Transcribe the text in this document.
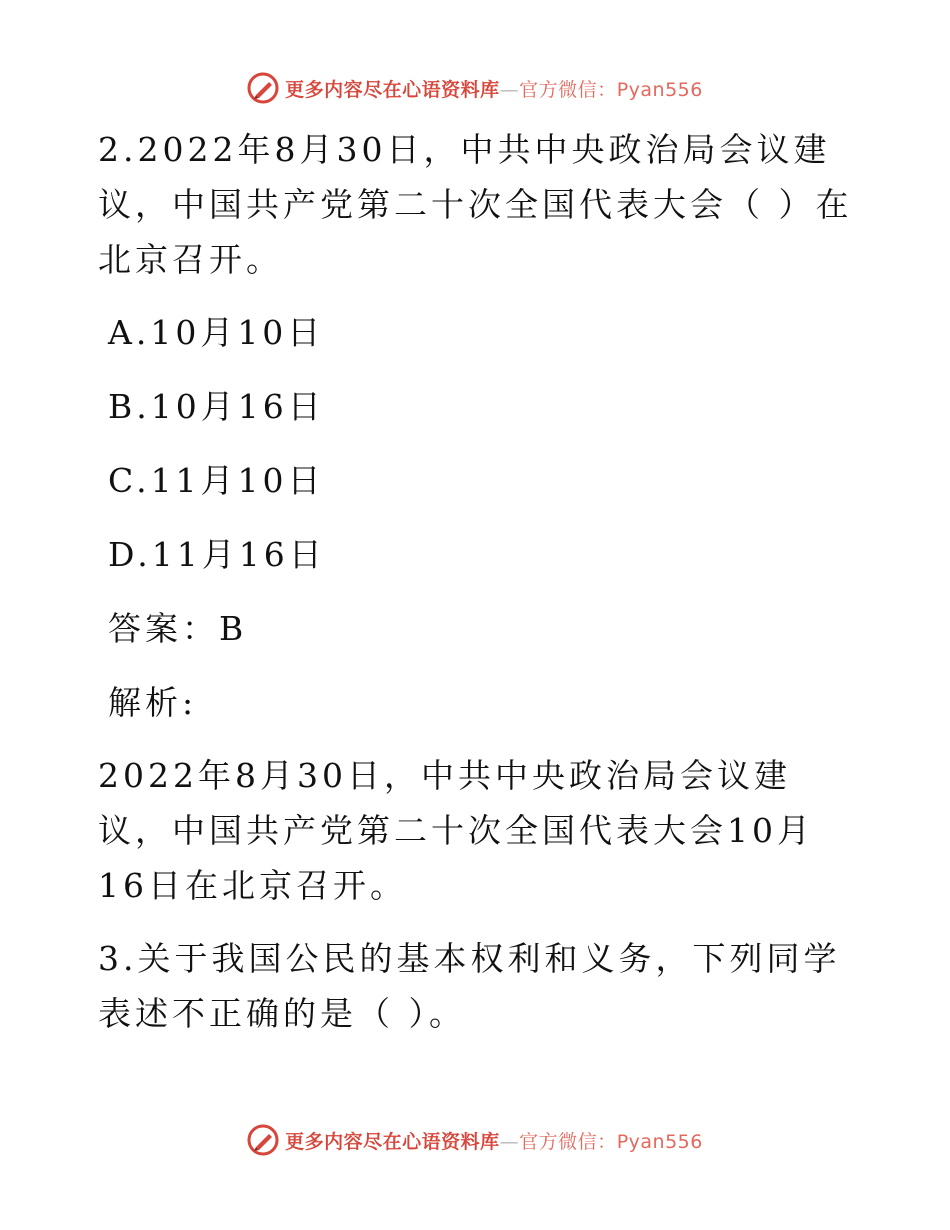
更多内容尽在心语资料库—官方微信：Pyan556

2.2022年8月30日，中共中央政治局会议建议，中国共产党第二十次全国代表大会（ ）在北京召开。

A.10月10日

B.10月16日

C.11月10日

D.11月16日

答案：B

解析:

2022年8月30日，中共中央政治局会议建议，中国共产党第二十次全国代表大会10月16日在北京召开。

3.关于我国公民的基本权利和义务，下列同学表述不正确的是（ ）。

更多内容尽在心语资料库—官方微信：Pyan556
